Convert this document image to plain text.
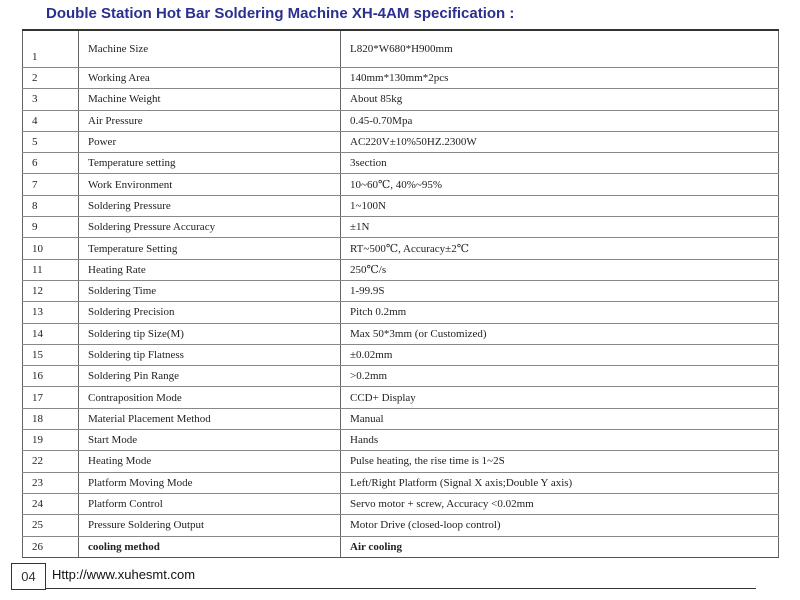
Double Station Hot Bar Soldering Machine XH-4AM specification :
1	Machine Size	L820*W680*H900mm
2	Working Area	140mm*130mm*2pcs
3	Machine Weight	About 85kg
4	Air Pressure	0.45-0.70Mpa
5	Power	AC220V±10%50HZ.2300W
6	Temperature setting	3section
7	Work Environment	10~60℃, 40%~95%
8	Soldering Pressure	1~100N
9	Soldering Pressure Accuracy	±1N
10	Temperature Setting	RT~500℃, Accuracy±2℃
11	Heating Rate	250℃/s
12	Soldering Time	1-99.9S
13	Soldering Precision	Pitch 0.2mm
14	Soldering tip Size(M)	Max 50*3mm (or Customized)
15	Soldering tip Flatness	±0.02mm
16	Soldering Pin Range	>0.2mm
17	Contraposition Mode	CCD+ Display
18	Material Placement Method	Manual
19	Start Mode	Hands
22	Heating Mode	Pulse heating, the rise time is 1~2S
23	Platform Moving Mode	Left/Right Platform (Signal X axis;Double Y axis)
24	Platform Control	Servo motor + screw, Accuracy <0.02mm
25	Pressure Soldering Output	Motor Drive (closed-loop control)
26	cooling method	Air cooling
04	Http://www.xuhesmt.com
